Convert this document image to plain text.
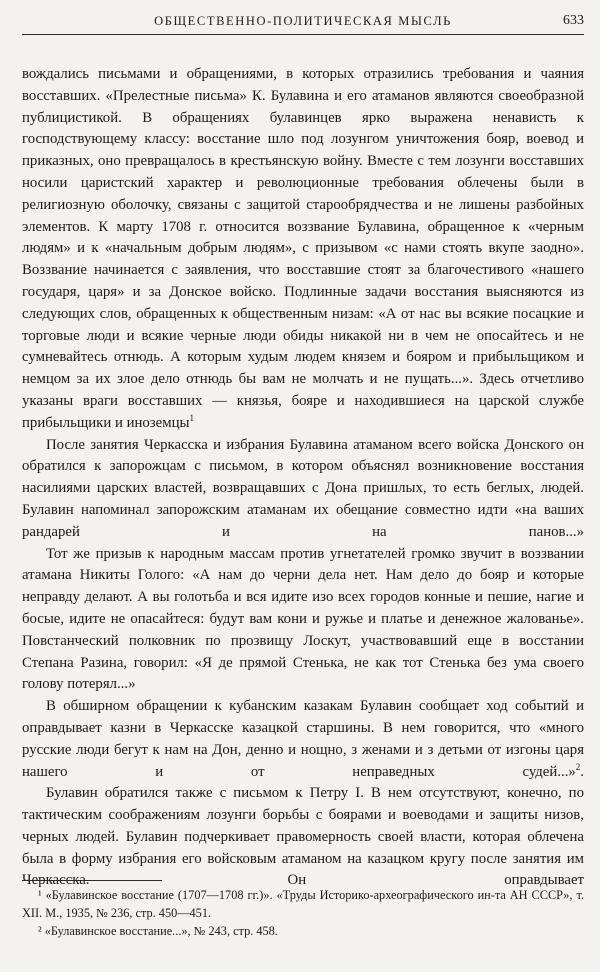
ОБЩЕСТВЕННО-ПОЛИТИЧЕСКАЯ МЫСЛЬ	633

вождались письмами и обращениями, в которых отразились требования и чаяния восставших. «Прелестные письма» К. Булавина и его атаманов являются своеобразной публицистикой. В обращениях булавинцев ярко выражена ненависть к господствующему классу: восстание шло под лозунгом уничтожения бояр, воевод и приказных, оно превращалось в крестьянскую войну. Вместе с тем лозунги восставших носили царистский характер и революционные требования облечены были в религиозную оболочку, связаны с защитой старообрядчества и не лишены разбойных элементов. К марту 1708 г. относится воззвание Булавина, обращенное к «черным людям» и к «начальным добрым людям», с призывом «с нами стоять вкупе заодно». Воззвание начинается с заявления, что восставшие стоят за благочестивого «нашего государя, царя» и за Донское войско. Подлинные задачи восстания выясняются из следующих слов, обращенных к общественным низам: «А от нас вы всякие посацкие и торговые люди и всякие черные люди обиды никакой ни в чем не опосайтесь и не сумневайтесь отнюдь. А которым худым людем князем и бояром и прибыльщиком и немцом за их злое дело отнюдь бы вам не молчать и не пущать...». Здесь отчетливо указаны враги восставших — князья, бояре и находившиеся на царской службе прибыльщики и иноземцы$^1$

После занятия Черкасска и избрания Булавина атаманом всего войска Донского он обратился к запорожцам с письмом, в котором объяснял возникновение восстания насилиями царских властей, возвращавших с Дона пришлых, то есть беглых, людей. Булавин напоминал запорожским атаманам их обещание совместно идти «на ваших рандарей и на панов...»

Тот же призыв к народным массам против угнетателей громко звучит в воззвании атамана Никиты Голого: «А нам до черни дела нет. Нам дело до бояр и которые неправду делают. А вы голотьба и вся идите изо всех городов конные и пешие, нагие и босые, идите не опасайтеся: будут вам кони и ружье и платье и денежное жалованье». Повстанческий полковник по прозвищу Лоскут, участвовавший еще в восстании Степана Разина, говорил: «Я де прямой Стенька, не как тот Стенька без ума своего голову потерял...»

В обширном обращении к кубанским казакам Булавин сообщает ход событий и оправдывает казни в Черкасске казацкой старшины. В нем говорится, что «много русские люди бегут к нам на Дон, денно и нощно, з женами и з детьми от изгоны царя нашего и от неправедных судей...»$^2$.

Булавин обратился также с письмом к Петру I. В нем отсутствуют, конечно, по тактическим соображениям лозунги борьбы с боярами и воеводами и защиты низов, черных людей. Булавин подчеркивает правомерность своей власти, которая облечена была в форму избрания его войсковым атаманом на казацком кругу после занятия им Черкасска. Он оправдывает

¹ «Булавинское восстание (1707—1708 гг.)». «Труды Историко-археографического ин-та АН СССР», т. XII. М., 1935, № 236, стр. 450—451.

² «Булавинское восстание...», № 243, стр. 458.
